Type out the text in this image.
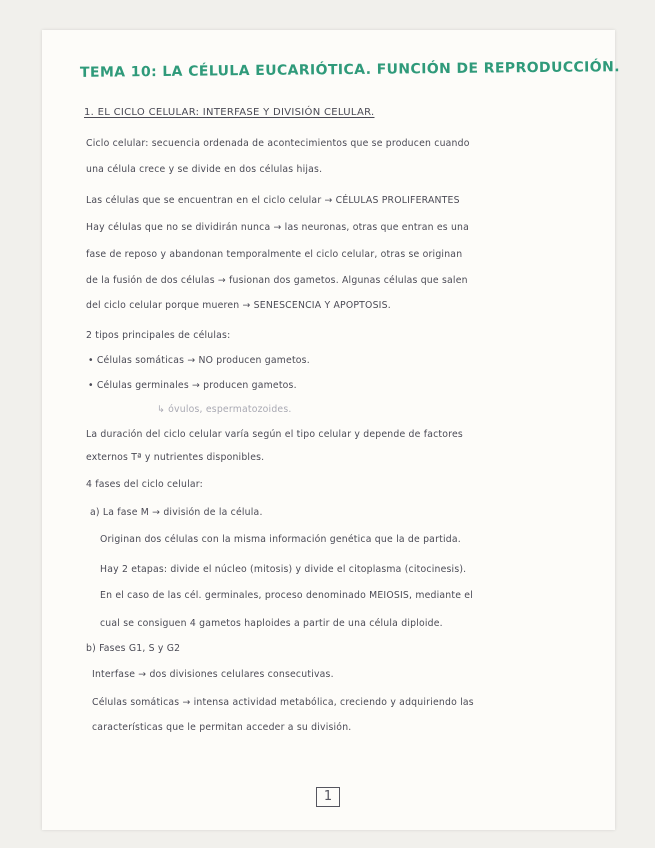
TEMA 10: LA CÉLULA EUCARIÓTICA. FUNCIÓN DE REPRODUCCIÓN.

1. EL CICLO CELULAR: INTERFASE Y DIVISIÓN CELULAR.

Ciclo celular: secuencia ordenada de acontecimientos que se producen cuando

una célula crece y se divide en dos células hijas.

Las células que se encuentran en el ciclo celular → CÉLULAS PROLIFERANTES

Hay células que no se dividirán nunca → las neuronas, otras que entran es una

fase de reposo y abandonan temporalmente el ciclo celular, otras se originan

de la fusión de dos células → fusionan dos gametos. Algunas células que salen

del ciclo celular porque mueren → SENESCENCIA Y APOPTOSIS.

2 tipos principales de células:

• Células somáticas → NO producen gametos.

• Células germinales → producen gametos.

↳ óvulos, espermatozoides.

La duración del ciclo celular varía según el tipo celular y depende de factores

externos Tª y nutrientes disponibles.

4 fases del ciclo celular:

a) La fase M → división de la célula.

Originan dos células con la misma información genética que la de partida.

Hay 2 etapas: divide el núcleo (mitosis) y divide el citoplasma (citocinesis).

En el caso de las cél. germinales, proceso denominado MEIOSIS, mediante el

cual se consiguen 4 gametos haploides a partir de una célula diploide.

b) Fases G1, S y G2

Interfase → dos divisiones celulares consecutivas.

Células somáticas → intensa actividad metabólica, creciendo y adquiriendo las

características que le permitan acceder a su división.

1
